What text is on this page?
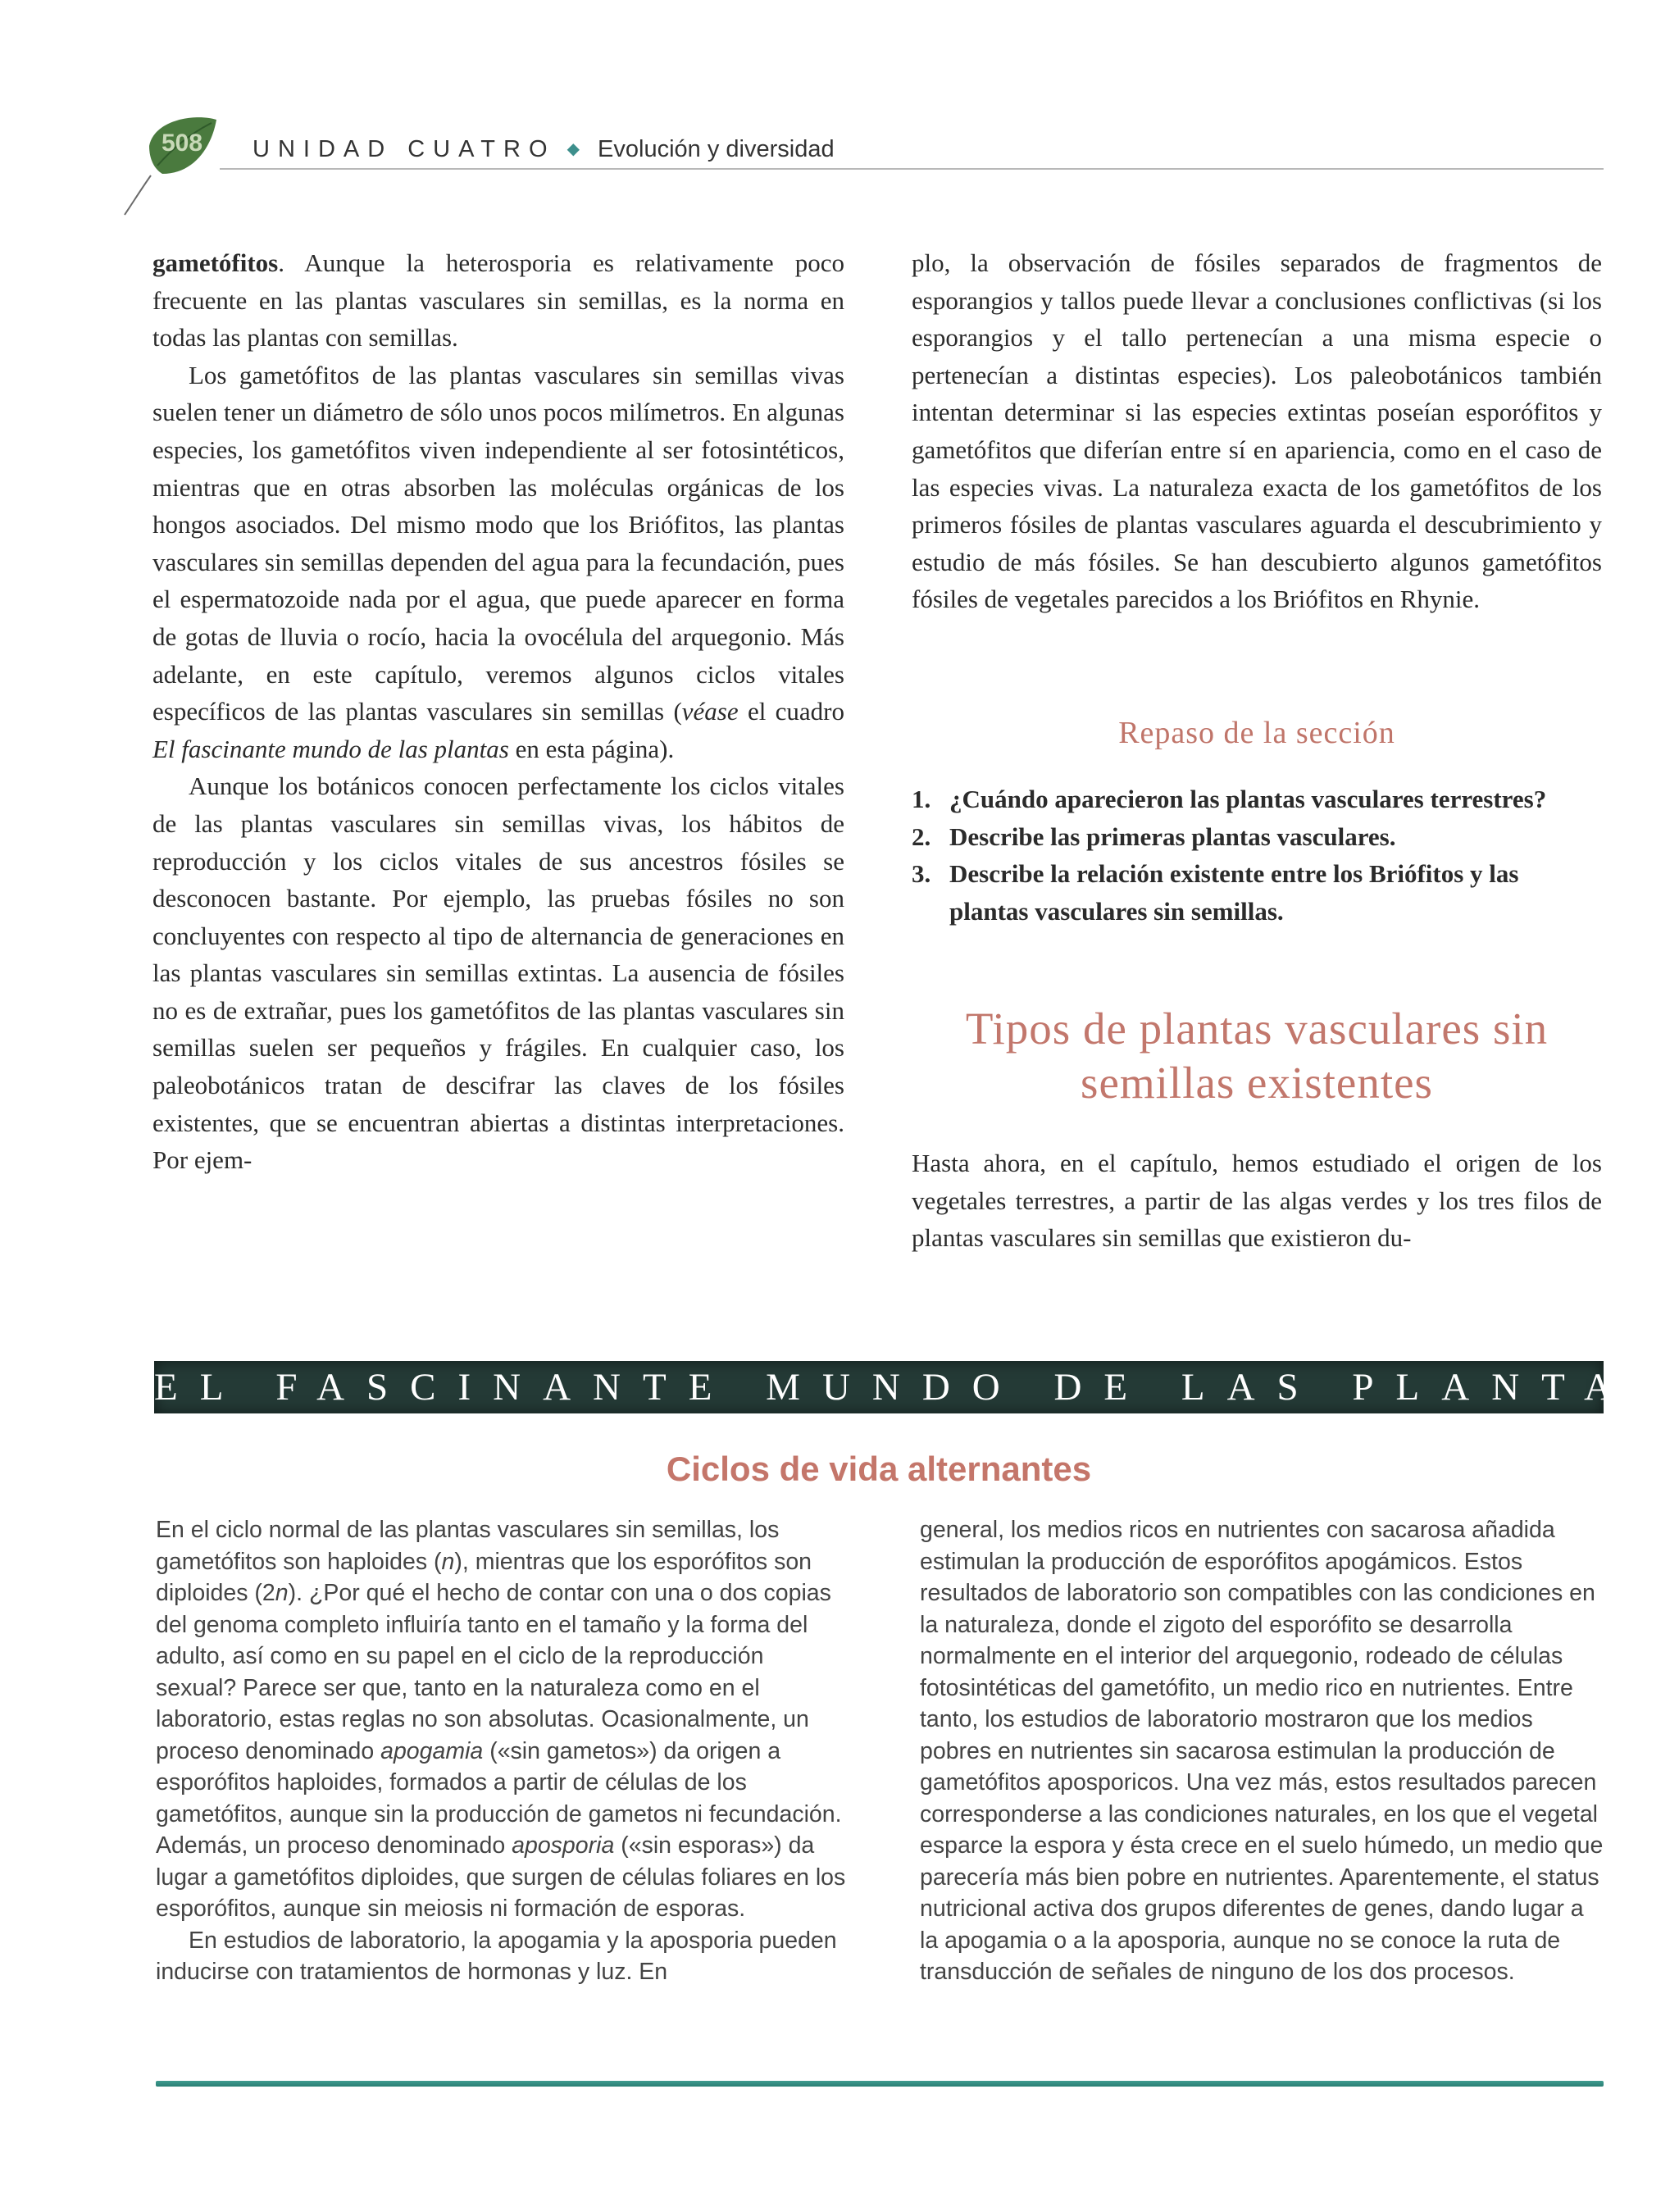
508	UNIDAD CUATRO ◆ Evolución y diversidad

gametófitos. Aunque la heterosporia es relativamente poco frecuente en las plantas vasculares sin semillas, es la norma en todas las plantas con semillas.

Los gametófitos de las plantas vasculares sin semillas vivas suelen tener un diámetro de sólo unos pocos milímetros. En algunas especies, los gametófitos viven independiente al ser fotosintéticos, mientras que en otras absorben las moléculas orgánicas de los hongos asociados. Del mismo modo que los Briófitos, las plantas vasculares sin semillas dependen del agua para la fecundación, pues el espermatozoide nada por el agua, que puede aparecer en forma de gotas de lluvia o rocío, hacia la ovocélula del arquegonio. Más adelante, en este capítulo, veremos algunos ciclos vitales específicos de las plantas vasculares sin semillas (véase el cuadro El fascinante mundo de las plantas en esta página).

Aunque los botánicos conocen perfectamente los ciclos vitales de las plantas vasculares sin semillas vivas, los hábitos de reproducción y los ciclos vitales de sus ancestros fósiles se desconocen bastante. Por ejemplo, las pruebas fósiles no son concluyentes con respecto al tipo de alternancia de generaciones en las plantas vasculares sin semillas extintas. La ausencia de fósiles no es de extrañar, pues los gametófitos de las plantas vasculares sin semillas suelen ser pequeños y frágiles. En cualquier caso, los paleobotánicos tratan de descifrar las claves de los fósiles existentes, que se encuentran abiertas a distintas interpretaciones. Por ejem-

plo, la observación de fósiles separados de fragmentos de esporangios y tallos puede llevar a conclusiones conflictivas (si los esporangios y el tallo pertenecían a una misma especie o pertenecían a distintas especies). Los paleobotánicos también intentan determinar si las especies extintas poseían esporófitos y gametófitos que diferían entre sí en apariencia, como en el caso de las especies vivas. La naturaleza exacta de los gametófitos de los primeros fósiles de plantas vasculares aguarda el descubrimiento y estudio de más fósiles. Se han descubierto algunos gametófitos fósiles de vegetales parecidos a los Briófitos en Rhynie.

Repaso de la sección
1. ¿Cuándo aparecieron las plantas vasculares terrestres?
2. Describe las primeras plantas vasculares.
3. Describe la relación existente entre los Briófitos y las plantas vasculares sin semillas.
Tipos de plantas vasculares sin
semillas existentes

Hasta ahora, en el capítulo, hemos estudiado el origen de los vegetales terrestres, a partir de las algas verdes y los tres filos de plantas vasculares sin semillas que existieron du-

EL FASCINANTE MUNDO DE LAS PLANTAS
Ciclos de vida alternantes

En el ciclo normal de las plantas vasculares sin semillas, los gametófitos son haploides (n), mientras que los esporófitos son diploides (2n). ¿Por qué el hecho de contar con una o dos copias del genoma completo influiría tanto en el tamaño y la forma del adulto, así como en su papel en el ciclo de la reproducción sexual? Parece ser que, tanto en la naturaleza como en el laboratorio, estas reglas no son absolutas. Ocasionalmente, un proceso denominado apogamia («sin gametos») da origen a esporófitos haploides, formados a partir de células de los gametófitos, aunque sin la producción de gametos ni fecundación. Además, un proceso denominado aposporia («sin esporas») da lugar a gametófitos diploides, que surgen de células foliares en los esporófitos, aunque sin meiosis ni formación de esporas.

En estudios de laboratorio, la apogamia y la aposporia pueden inducirse con tratamientos de hormonas y luz. En

general, los medios ricos en nutrientes con sacarosa añadida estimulan la producción de esporófitos apogámicos. Estos resultados de laboratorio son compatibles con las condiciones en la naturaleza, donde el zigoto del esporófito se desarrolla normalmente en el interior del arquegonio, rodeado de células fotosintéticas del gametófito, un medio rico en nutrientes. Entre tanto, los estudios de laboratorio mostraron que los medios pobres en nutrientes sin sacarosa estimulan la producción de gametófitos aposporicos. Una vez más, estos resultados parecen corresponderse a las condiciones naturales, en los que el vegetal esparce la espora y ésta crece en el suelo húmedo, un medio que parecería más bien pobre en nutrientes. Aparentemente, el status nutricional activa dos grupos diferentes de genes, dando lugar a la apogamia o a la aposporia, aunque no se conoce la ruta de transducción de señales de ninguno de los dos procesos.
